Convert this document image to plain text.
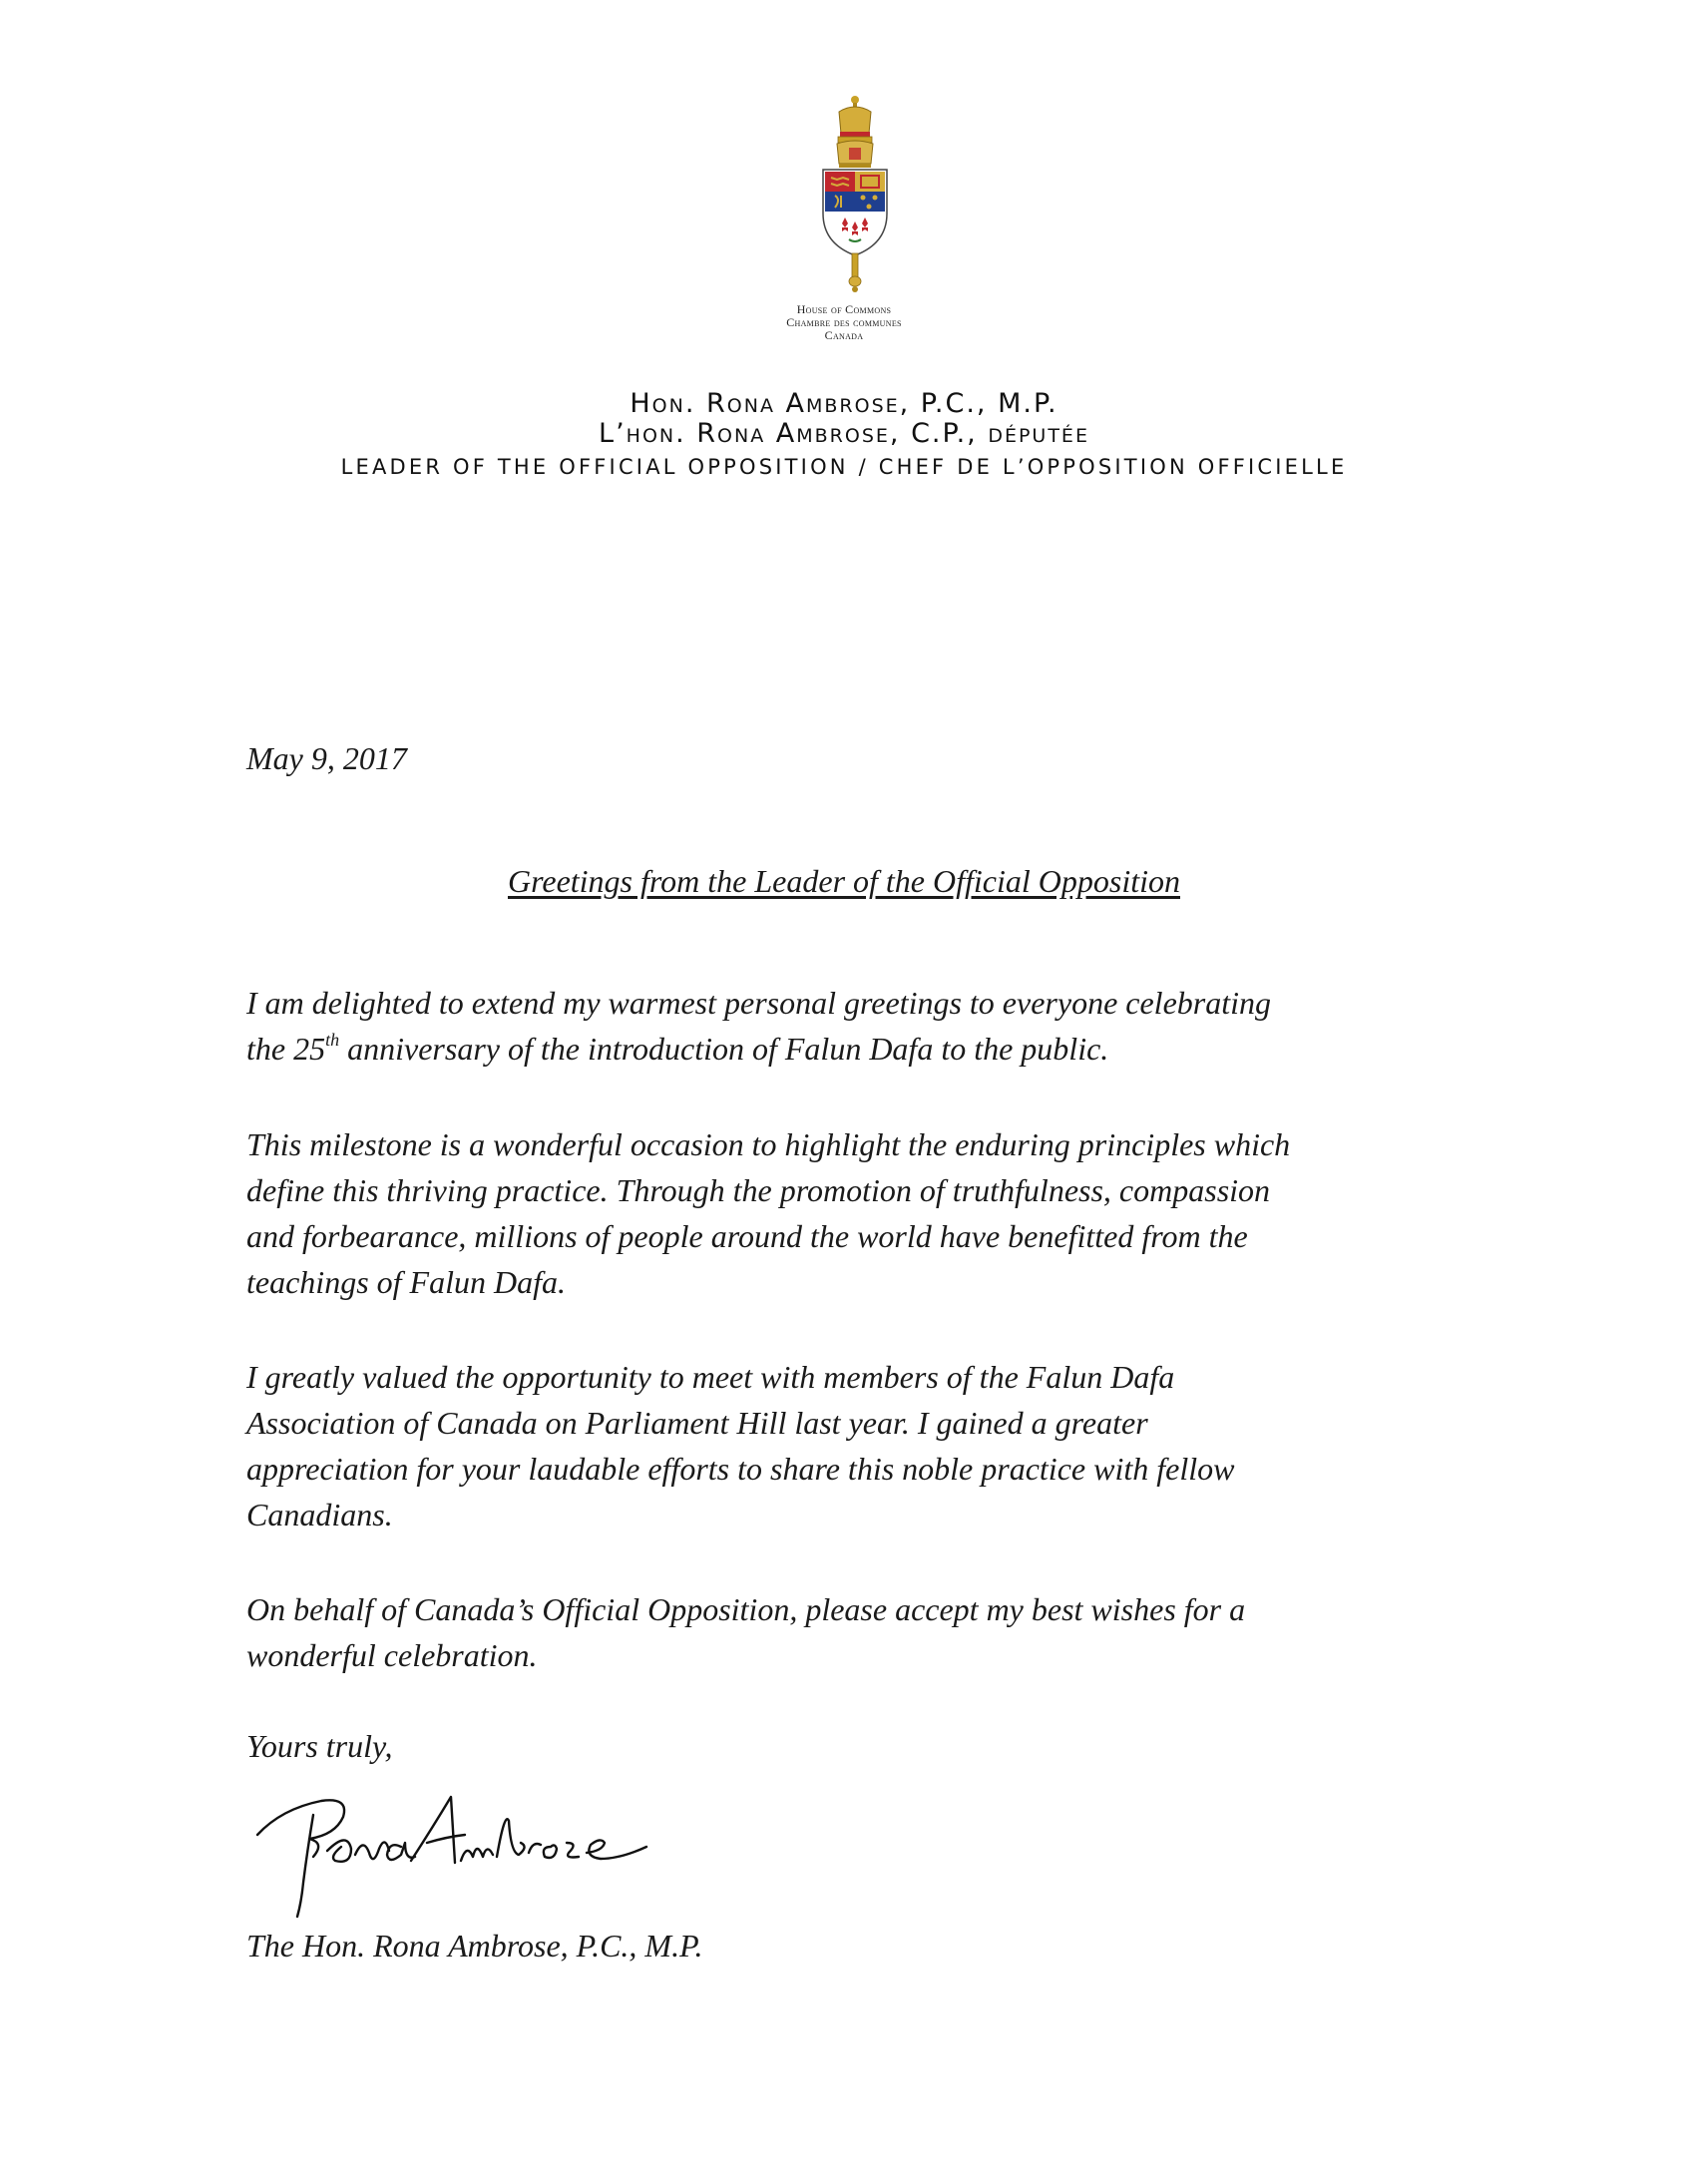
House of Commons
Chambre des communes
Canada
Hon. Rona Ambrose, P.C., M.P.
L’hon. Rona Ambrose, C.P., députée
LEADER OF THE OFFICIAL OPPOSITION / CHEF DE L’OPPOSITION OFFICIELLE
May 9, 2017
Greetings from the Leader of the Official Opposition
I am delighted to extend my warmest personal greetings to everyone celebrating
the 25th anniversary of the introduction of Falun Dafa to the public.
This milestone is a wonderful occasion to highlight the enduring principles which
define this thriving practice. Through the promotion of truthfulness, compassion
and forbearance, millions of people around the world have benefitted from the
teachings of Falun Dafa.
I greatly valued the opportunity to meet with members of the Falun Dafa
Association of Canada on Parliament Hill last year. I gained a greater
appreciation for your laudable efforts to share this noble practice with fellow
Canadians.
On behalf of Canada’s Official Opposition, please accept my best wishes for a
wonderful celebration.
Yours truly,
The Hon. Rona Ambrose, P.C., M.P.
